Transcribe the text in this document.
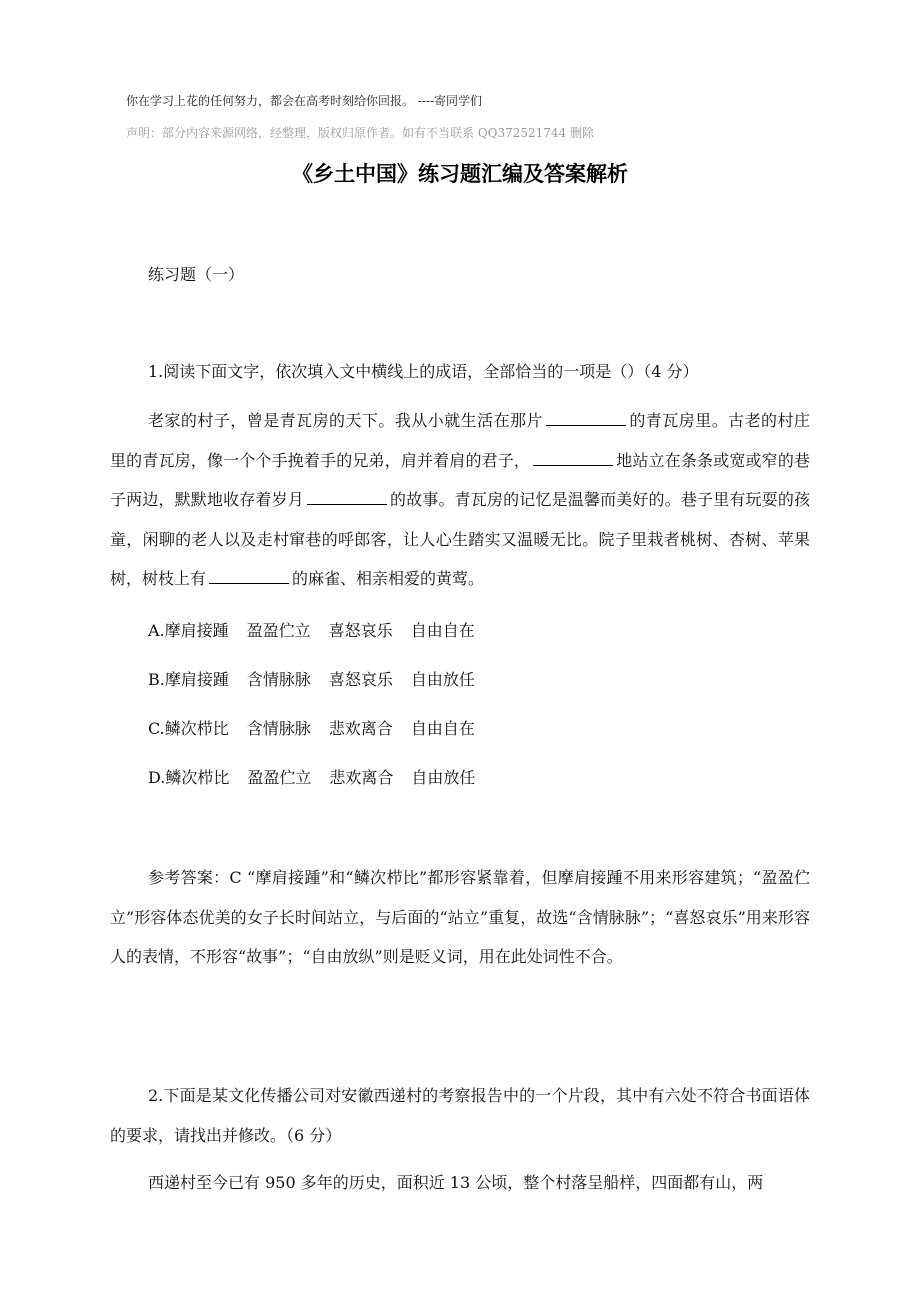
你在学习上花的任何努力，都会在高考时刻给你回报。 ----寄同学们
声明：部分内容来源网络，经整理，版权归原作者。如有不当联系 QQ372521744 删除
《乡土中国》练习题汇编及答案解析
练习题（一）

1.阅读下面文字，依次填入文中横线上的成语，全部恰当的一项是（）（4 分）

老家的村子，曾是青瓦房的天下。我从小就生活在那片	的青瓦房里。古老的村庄里的青瓦房，像一个个手挽着手的兄弟，肩并着肩的君子，	地站立在条条或宽或窄的巷子两边，默默地收存着岁月	的故事。青瓦房的记忆是温馨而美好的。巷子里有玩耍的孩童，闲聊的老人以及走村窜巷的呼郎客，让人心生踏实又温暖无比。院子里栽者桃树、杏树、苹果树，树枝上有	的麻雀、相亲相爱的黄莺。

A.摩肩接踵 盈盈伫立 喜怒哀乐 自由自在
B.摩肩接踵 含情脉脉 喜怒哀乐 自由放任
C.鳞次栉比 含情脉脉 悲欢离合 自由自在
D.鳞次栉比 盈盈伫立 悲欢离合 自由放任

参考答案：C “摩肩接踵”和“鳞次栉比”都形容紧靠着，但摩肩接踵不用来形容建筑；“盈盈伫立”形容体态优美的女子长时间站立，与后面的“站立”重复，故选“含情脉脉”；“喜怒哀乐”用来形容人的表情，不形容“故事”；“自由放纵”则是贬义词，用在此处词性不合。

2.下面是某文化传播公司对安徽西递村的考察报告中的一个片段，其中有六处不符合书面语体的要求，请找出并修改。（6 分）

西递村至今已有 950 多年的历史，面积近 13 公顷，整个村落呈船样，四面都有山，两
